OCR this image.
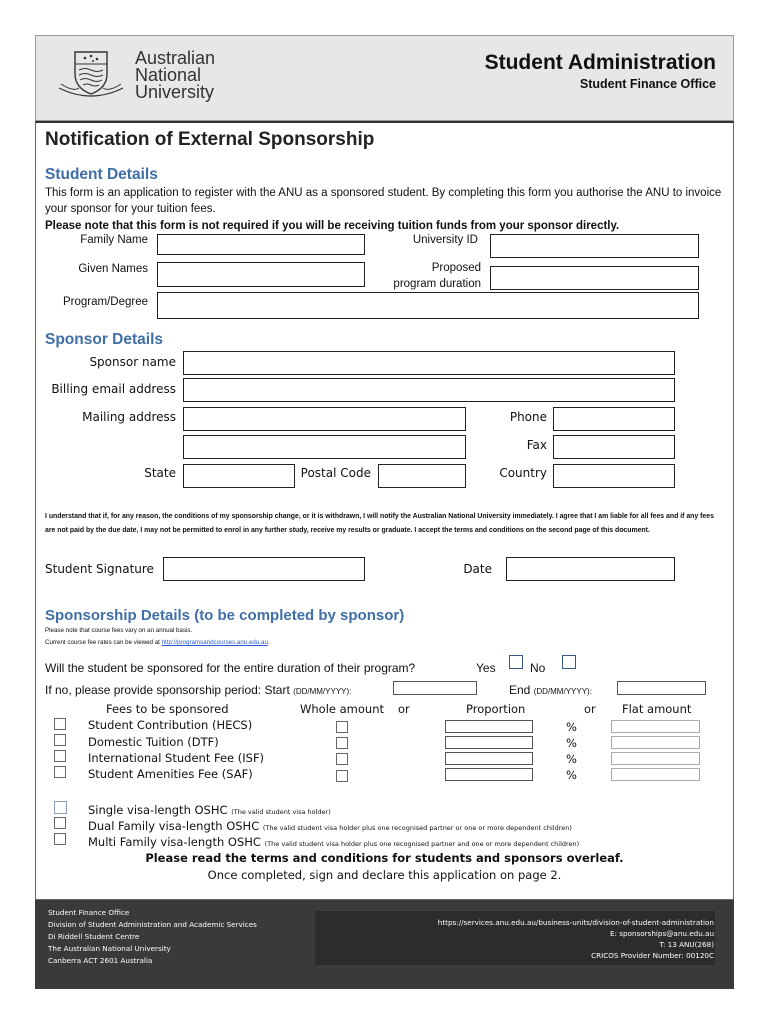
Australian
National
University
Student Administration
Student Finance Office
Notification of External Sponsorship
Student Details
This form is an application to register with the ANU as a sponsored student. By completing this form you authorise the ANU to invoice your sponsor for your tuition fees.
Please note that this form is not required if you will be receiving tuition funds from your sponsor directly.
Family Name	University ID
Given Names	Proposed
program duration
Program/Degree
Sponsor Details
Sponsor name
Billing email address
Mailing address	Phone
Fax
State	Postal Code	Country
I understand that if, for any reason, the conditions of my sponsorship change, or it is withdrawn, I will notify the Australian National University immediately. I agree that I am liable for all fees and if any fees are not paid by the due date, I may not be permitted to enrol in any further study, receive my results or graduate. I accept the terms and conditions on the second page of this document.
Student Signature	Date
Sponsorship Details (to be completed by sponsor)
Please note that course fees vary on an annual basis.
Current course fee rates can be viewed at http://programsandcourses.anu.edu.au.
Will the student be sponsored for the entire duration of their program?	Yes	No
If no, please provide sponsorship period: Start (DD/MM/YYYY):	End (DD/MM/YYYY):
Fees to be sponsored	Whole amount or	Proportion	or Flat amount
Student Contribution (HECS)	%
Domestic Tuition (DTF)	%
International Student Fee (ISF)	%
Student Amenities Fee (SAF)	%
Single visa-length OSHC (The valid student visa holder)
Dual Family visa-length OSHC (The valid student visa holder plus one recognised partner or one or more dependent children)
Multi Family visa-length OSHC (The valid student visa holder plus one recognised partner and one or more dependent children)
Please read the terms and conditions for students and sponsors overleaf.
Once completed, sign and declare this application on page 2.
Student Finance Office
Division of Student Administration and Academic Services
Di Riddell Student Centre
The Australian National University
Canberra ACT 2601 Australia
https://services.anu.edu.au/business-units/division-of-student-administration
E: sponsorships@anu.edu.au
T: 13 ANU(268)
CRICOS Provider Number: 00120C
